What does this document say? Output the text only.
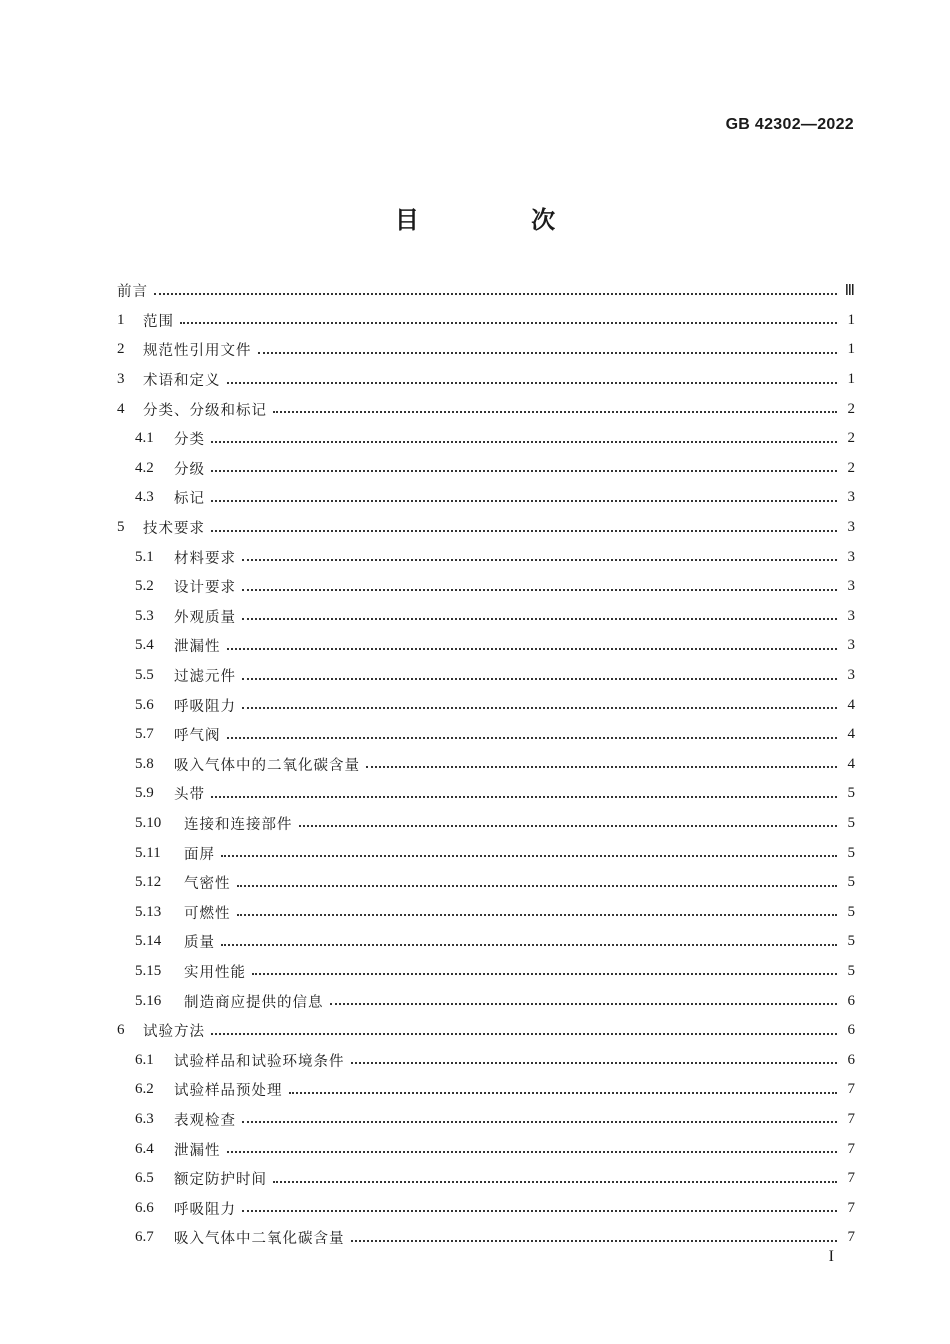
GB 42302—2022
目 次
前言	Ⅲ
1	范围	1
2	规范性引用文件	1
3	术语和定义	1
4	分类、分级和标记	2
4.1	分类	2
4.2	分级	2
4.3	标记	3
5	技术要求	3
5.1	材料要求	3
5.2	设计要求	3
5.3	外观质量	3
5.4	泄漏性	3
5.5	过滤元件	3
5.6	呼吸阻力	4
5.7	呼气阀	4
5.8	吸入气体中的二氧化碳含量	4
5.9	头带	5
5.10	连接和连接部件	5
5.11	面屏	5
5.12	气密性	5
5.13	可燃性	5
5.14	质量	5
5.15	实用性能	5
5.16	制造商应提供的信息	6
6	试验方法	6
6.1	试验样品和试验环境条件	6
6.2	试验样品预处理	7
6.3	表观检查	7
6.4	泄漏性	7
6.5	额定防护时间	7
6.6	呼吸阻力	7
6.7	吸入气体中二氧化碳含量	7
I
